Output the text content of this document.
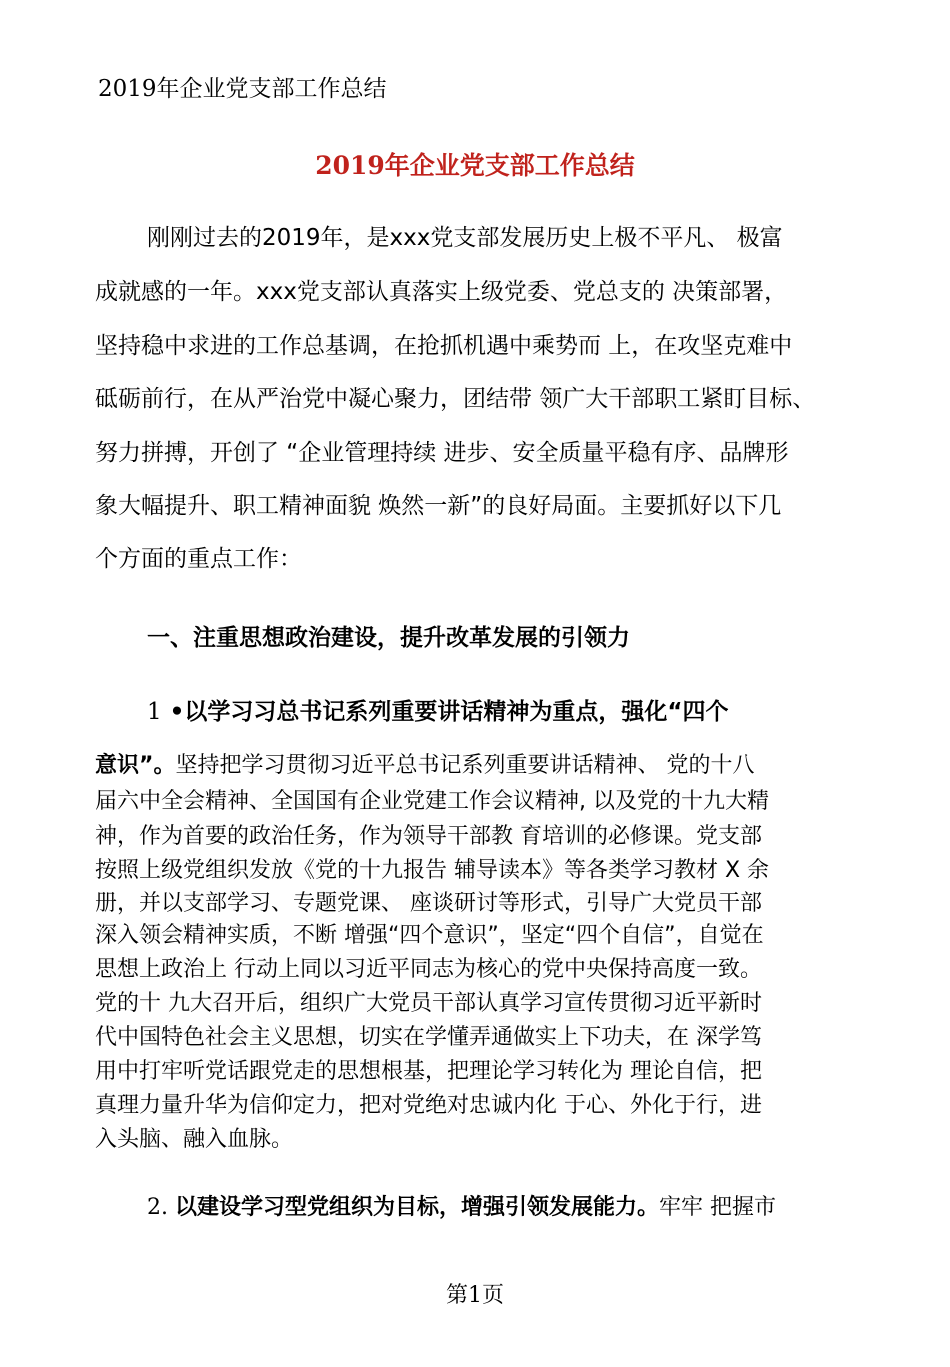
2019年企业党支部工作总结
2019年企业党支部工作总结
刚刚过去的2019年，是xxx党支部发展历史上极不平凡、 极富
成就感的一年。xxx党支部认真落实上级党委、党总支的 决策部署，
坚持稳中求进的工作总基调，在抢抓机遇中乘势而 上，在攻坚克难中
砥砺前行，在从严治党中凝心聚力，团结带 领广大干部职工紧盯目标、
努力拼搏，开创了 “企业管理持续 进步、安全质量平稳有序、品牌形
象大幅提升、职工精神面貌 焕然一新”的良好局面。主要抓好以下几
个方面的重点工作：
一、注重思想政治建设，提升改革发展的引领力
1 •以学习习总书记系列重要讲话精神为重点，强化“四个
意识”。坚持把学习贯彻习近平总书记系列重要讲话精神、 党的十八
届六中全会精神、全国国有企业党建工作会议精神, 以及党的十九大精
神，作为首要的政治任务，作为领导干部教 育培训的必修课。党支部
按照上级党组织发放《党的十九报告 辅导读本》等各类学习教材 X 余
册，并以支部学习、专题党课、 座谈研讨等形式，引导广大党员干部
深入领会精神实质，不断 增强“四个意识”，坚定“四个自信”，自觉在
思想上政治上 行动上同以习近平同志为核心的党中央保持高度一致。
党的十 九大召开后，组织广大党员干部认真学习宣传贯彻习近平新时
代中国特色社会主义思想，切实在学懂弄通做实上下功夫，在 深学笃
用中打牢听党话跟党走的思想根基，把理论学习转化为 理论自信，把
真理力量升华为信仰定力，把对党绝对忠诚内化 于心、外化于行，进
入头脑、融入血脉。
2. 以建设学习型党组织为目标，增强引领发展能力。牢牢 把握市
第1页
